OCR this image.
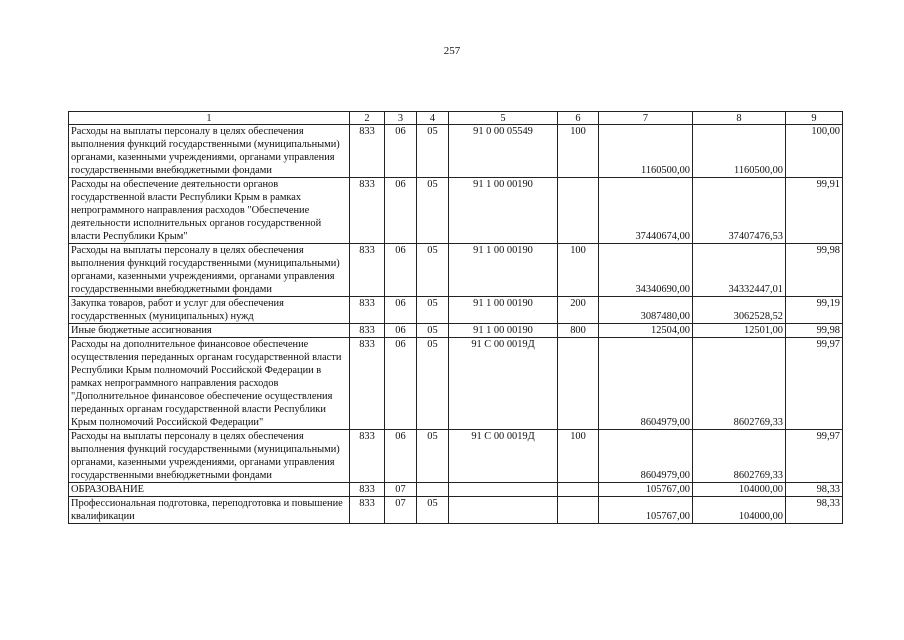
257
1	2	3	4	5	6	7	8	9
Расходы на выплаты персоналу в целях обеспечения выполнения функций государственными (муниципальными) органами, казенными учреждениями, органами управления государственными внебюджетными фондами	833	06	05	91 0 00 05549	100	1160500,00	1160500,00	100,00
Расходы на обеспечение деятельности органов государственной власти Республики Крым в рамках непрограммного направления расходов "Обеспечение деятельности исполнительных органов государственной власти Республики Крым"	833	06	05	91 1 00 00190		37440674,00	37407476,53	99,91
Расходы на выплаты персоналу в целях обеспечения выполнения функций государственными (муниципальными) органами, казенными учреждениями, органами управления государственными внебюджетными фондами	833	06	05	91 1 00 00190	100	34340690,00	34332447,01	99,98
Закупка товаров, работ и услуг для обеспечения государственных (муниципальных) нужд	833	06	05	91 1 00 00190	200	3087480,00	3062528,52	99,19
Иные бюджетные ассигнования	833	06	05	91 1 00 00190	800	12504,00	12501,00	99,98
Расходы на дополнительное финансовое обеспечение осуществления переданных органам государственной власти Республики Крым полномочий Российской Федерации в рамках непрограммного направления расходов "Дополнительное финансовое обеспечение осуществления переданных органам государственной власти Республики Крым полномочий Российской Федерации"	833	06	05	91 С 00 0019Д		8604979,00	8602769,33	99,97
Расходы на выплаты персоналу в целях обеспечения выполнения функций государственными (муниципальными) органами, казенными учреждениями, органами управления государственными внебюджетными фондами	833	06	05	91 С 00 0019Д	100	8604979,00	8602769,33	99,97
ОБРАЗОВАНИЕ	833	07				105767,00	104000,00	98,33
Профессиональная подготовка, переподготовка и повышение квалификации	833	07	05			105767,00	104000,00	98,33
